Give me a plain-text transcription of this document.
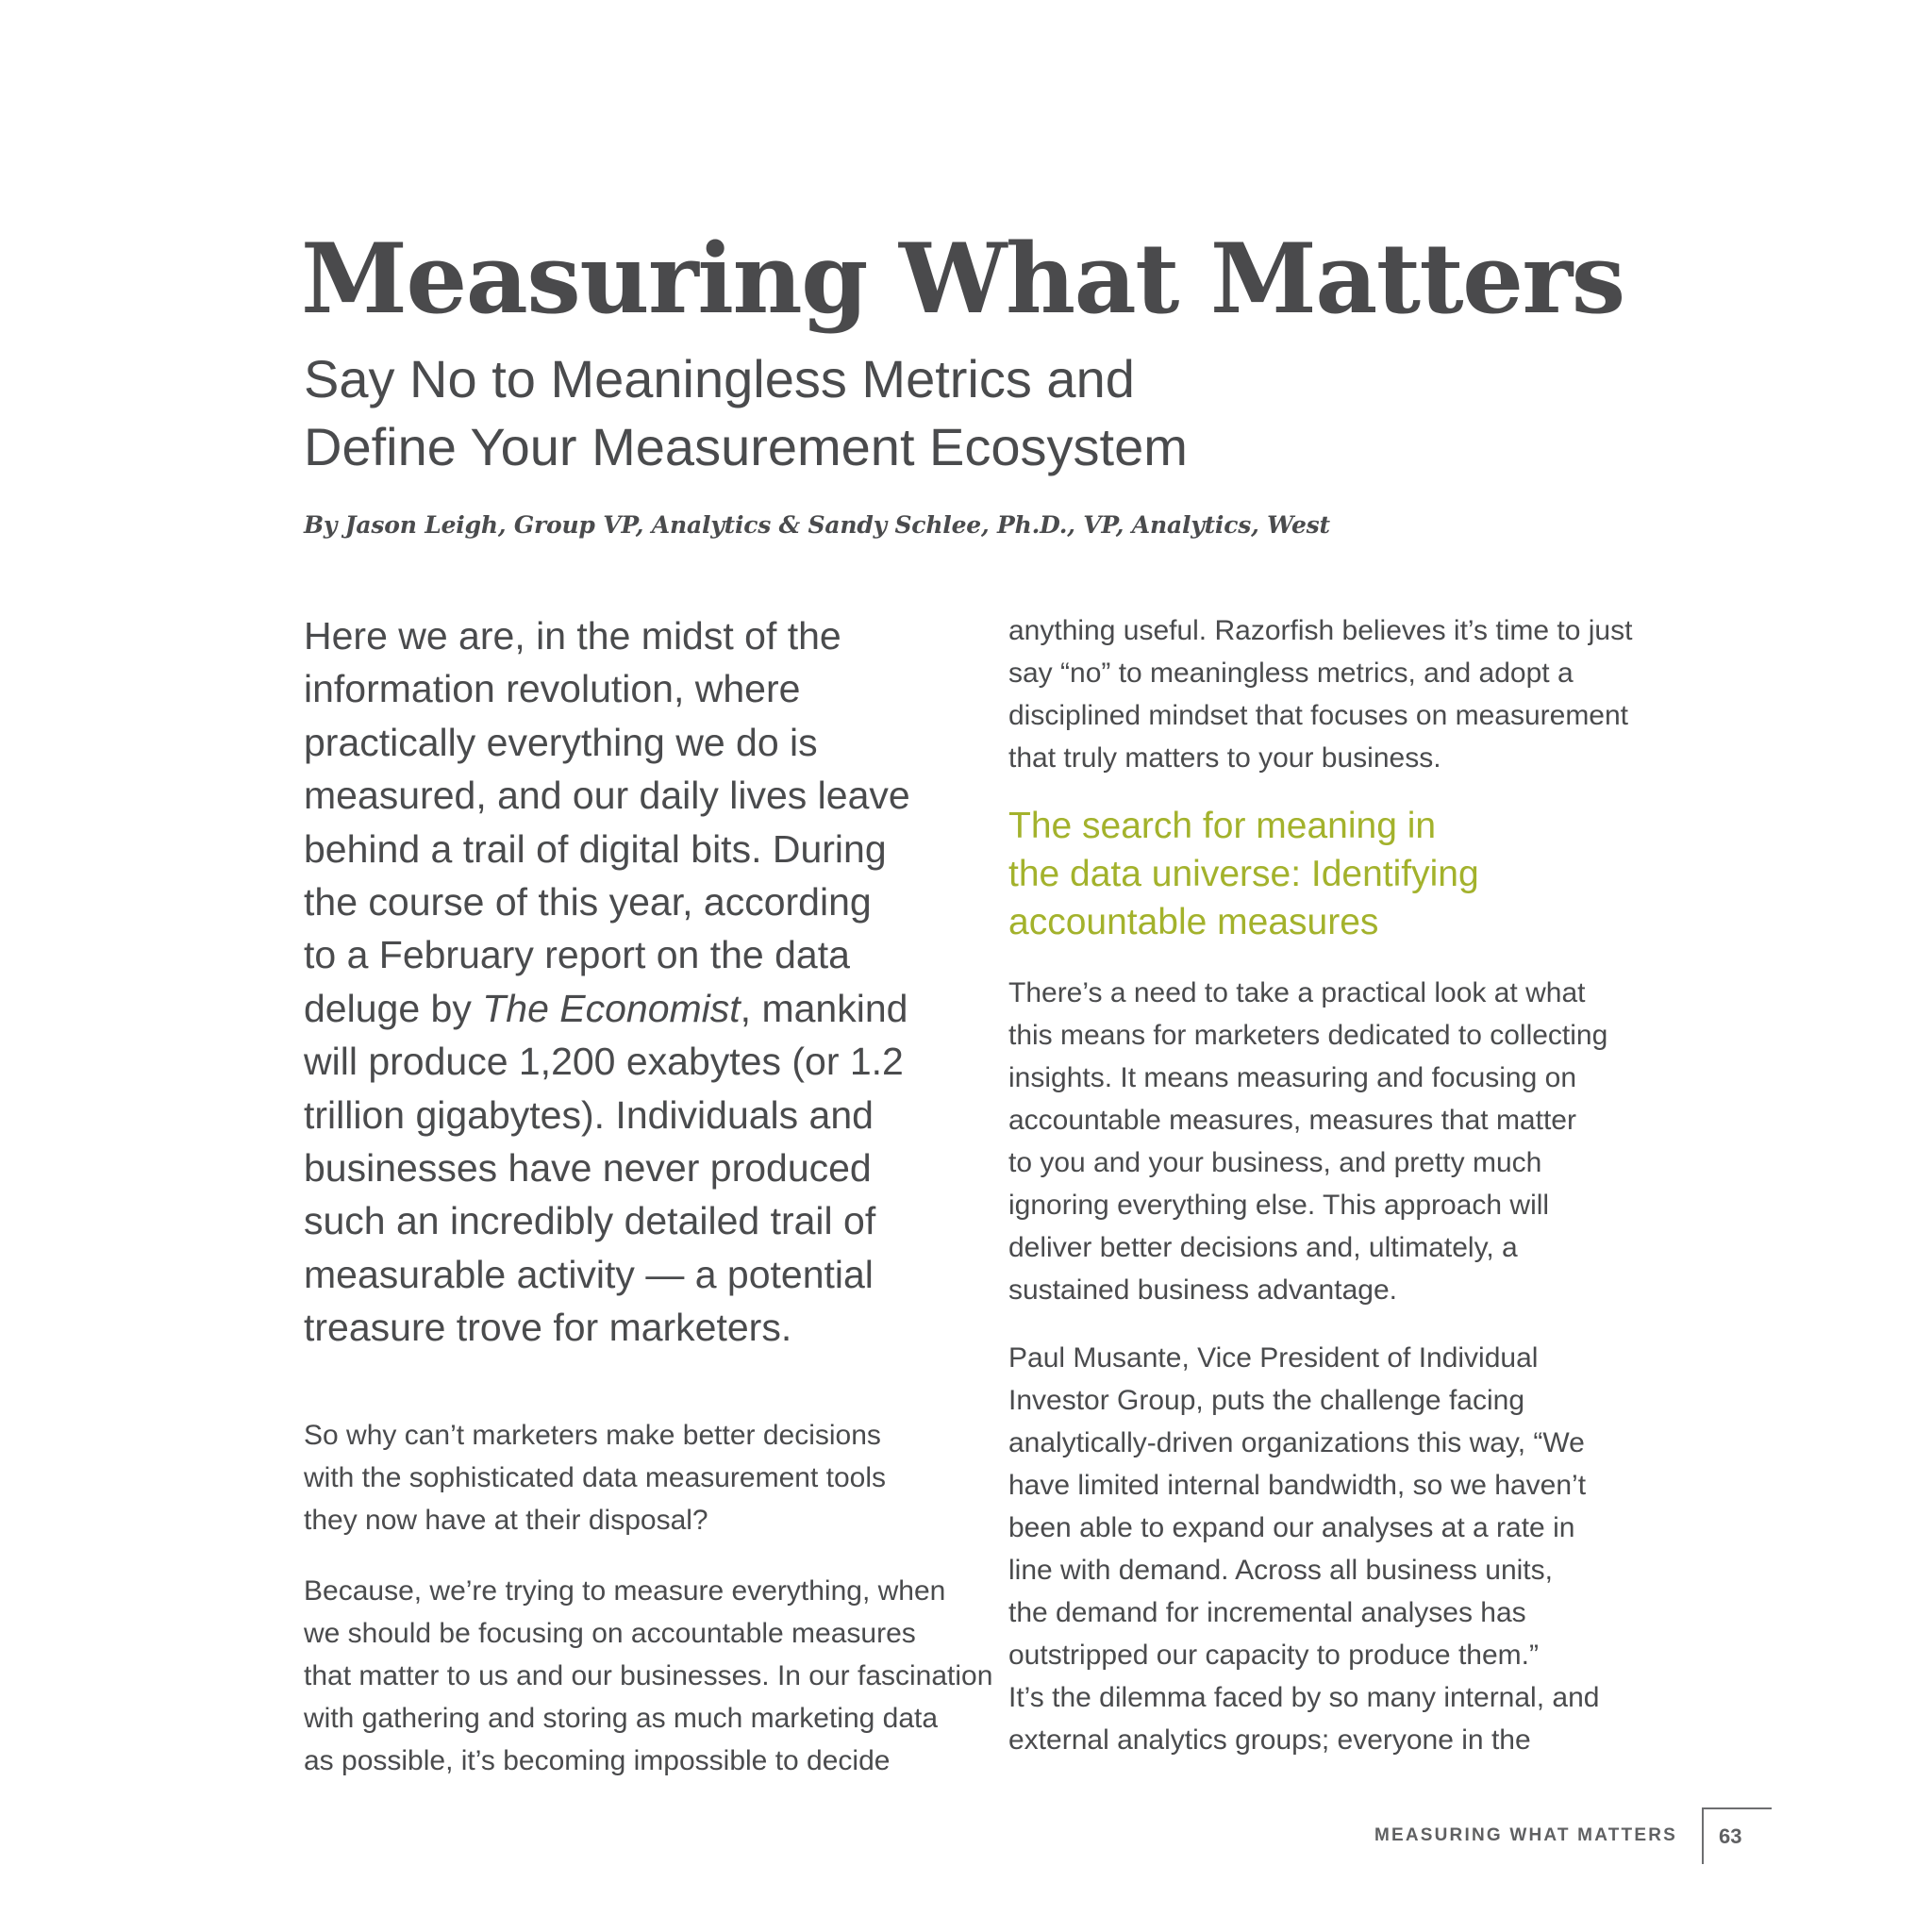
Measuring What Matters
Say No to Meaningless Metrics and
Define Your Measurement Ecosystem

By Jason Leigh, Group VP, Analytics & Sandy Schlee, Ph.D., VP, Analytics, West

Here we are, in the midst of the
information revolution, where
practically everything we do is
measured, and our daily lives leave
behind a trail of digital bits. During
the course of this year, according
to a February report on the data
deluge by The Economist, mankind
will produce 1,200 exabytes (or 1.2
trillion gigabytes). Individuals and
businesses have never produced
such an incredibly detailed trail of
measurable activity — a potential
treasure trove for marketers.

So why can’t marketers make better decisions
with the sophisticated data measurement tools
they now have at their disposal?

Because, we’re trying to measure everything, when
we should be focusing on accountable measures
that matter to us and our businesses. In our fascination
with gathering and storing as much marketing data
as possible, it’s becoming impossible to decide

anything useful. Razorfish believes it’s time to just
say “no” to meaningless metrics, and adopt a
disciplined mindset that focuses on measurement
that truly matters to your business.

The search for meaning in
the data universe: Identifying
accountable measures

There’s a need to take a practical look at what
this means for marketers dedicated to collecting
insights. It means measuring and focusing on
accountable measures, measures that matter
to you and your business, and pretty much
ignoring everything else. This approach will
deliver better decisions and, ultimately, a
sustained business advantage.

Paul Musante, Vice President of Individual
Investor Group, puts the challenge facing
analytically-driven organizations this way, “We
have limited internal bandwidth, so we haven’t
been able to expand our analyses at a rate in
line with demand. Across all business units,
the demand for incremental analyses has
outstripped our capacity to produce them.”
It’s the dilemma faced by so many internal, and
external analytics groups; everyone in the

MEASURING WHAT MATTERS	63
